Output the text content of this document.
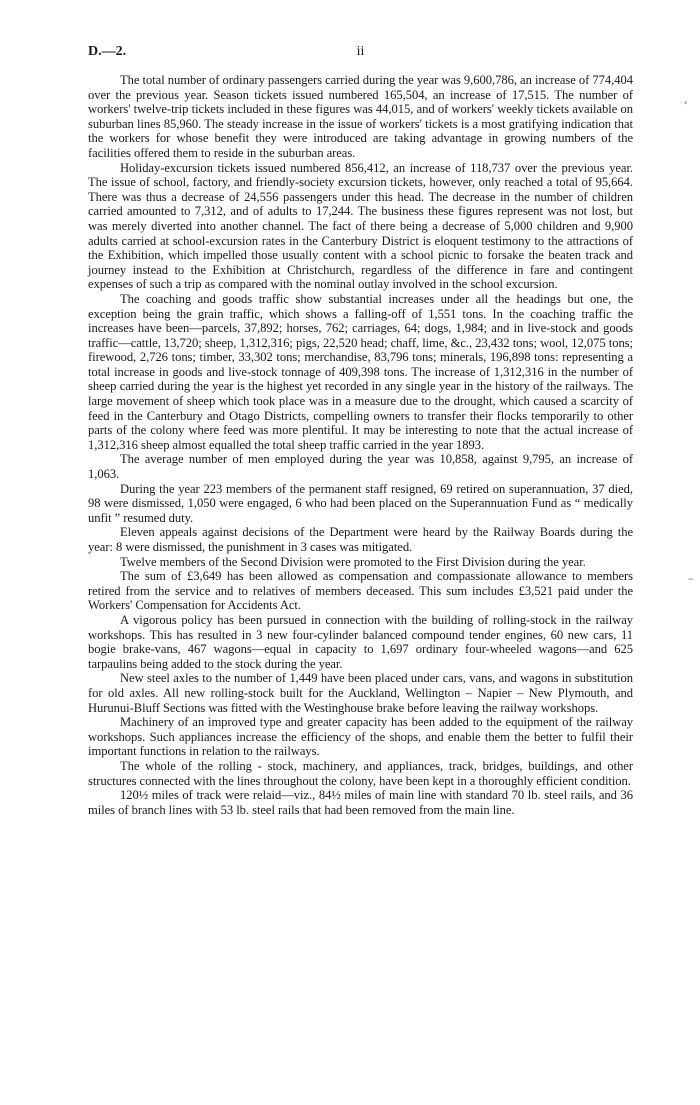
D.—2.	ii

The total number of ordinary passengers carried during the year was 9,600,786, an increase of 774,404 over the previous year. Season tickets issued numbered 165,504, an increase of 17,515. The number of workers' twelve-trip tickets included in these figures was 44,015, and of workers' weekly tickets available on suburban lines 85,960. The steady increase in the issue of workers' tickets is a most gratifying indication that the workers for whose benefit they were introduced are taking advantage in growing numbers of the facilities offered them to reside in the suburban areas.

Holiday-excursion tickets issued numbered 856,412, an increase of 118,737 over the previous year. The issue of school, factory, and friendly-society excursion tickets, however, only reached a total of 95,664. There was thus a decrease of 24,556 passengers under this head. The decrease in the number of children carried amounted to 7,312, and of adults to 17,244. The business these figures represent was not lost, but was merely diverted into another channel. The fact of there being a decrease of 5,000 children and 9,900 adults carried at school-excursion rates in the Canterbury District is eloquent testimony to the attractions of the Exhibition, which impelled those usually content with a school picnic to forsake the beaten track and journey instead to the Exhibition at Christchurch, regardless of the difference in fare and contingent expenses of such a trip as compared with the nominal outlay involved in the school excursion.

The coaching and goods traffic show substantial increases under all the headings but one, the exception being the grain traffic, which shows a falling-off of 1,551 tons. In the coaching traffic the increases have been—parcels, 37,892; horses, 762; carriages, 64; dogs, 1,984; and in live-stock and goods traffic—cattle, 13,720; sheep, 1,312,316; pigs, 22,520 head; chaff, lime, &c., 23,432 tons; wool, 12,075 tons; firewood, 2,726 tons; timber, 33,302 tons; merchandise, 83,796 tons; minerals, 196,898 tons: representing a total increase in goods and live-stock tonnage of 409,398 tons. The increase of 1,312,316 in the number of sheep carried during the year is the highest yet recorded in any single year in the history of the railways. The large movement of sheep which took place was in a measure due to the drought, which caused a scarcity of feed in the Canterbury and Otago Districts, compelling owners to transfer their flocks temporarily to other parts of the colony where feed was more plentiful. It may be interesting to note that the actual increase of 1,312,316 sheep almost equalled the total sheep traffic carried in the year 1893.

The average number of men employed during the year was 10,858, against 9,795, an increase of 1,063.

During the year 223 members of the permanent staff resigned, 69 retired on superannuation, 37 died, 98 were dismissed, 1,050 were engaged, 6 who had been placed on the Superannuation Fund as “ medically unfit ” resumed duty.

Eleven appeals against decisions of the Department were heard by the Railway Boards during the year: 8 were dismissed, the punishment in 3 cases was mitigated.

Twelve members of the Second Division were promoted to the First Division during the year.

The sum of £3,649 has been allowed as compensation and compassionate allowance to members retired from the service and to relatives of members deceased. This sum includes £3,521 paid under the Workers' Compensation for Accidents Act.

A vigorous policy has been pursued in connection with the building of rolling-stock in the railway workshops. This has resulted in 3 new four-cylinder balanced compound tender engines, 60 new cars, 11 bogie brake-vans, 467 wagons—equal in capacity to 1,697 ordinary four-wheeled wagons—and 625 tarpaulins being added to the stock during the year.

New steel axles to the number of 1,449 have been placed under cars, vans, and wagons in substitution for old axles. All new rolling-stock built for the Auckland, Wellington – Napier – New Plymouth, and Hurunui-Bluff Sections was fitted with the Westinghouse brake before leaving the railway workshops.

Machinery of an improved type and greater capacity has been added to the equipment of the railway workshops. Such appliances increase the efficiency of the shops, and enable them the better to fulfil their important functions in relation to the railways.

The whole of the rolling - stock, machinery, and appliances, track, bridges, buildings, and other structures connected with the lines throughout the colony, have been kept in a thoroughly efficient condition.

120½ miles of track were relaid—viz., 84½ miles of main line with standard 70 lb. steel rails, and 36 miles of branch lines with 53 lb. steel rails that had been removed from the main line.

˂
–
